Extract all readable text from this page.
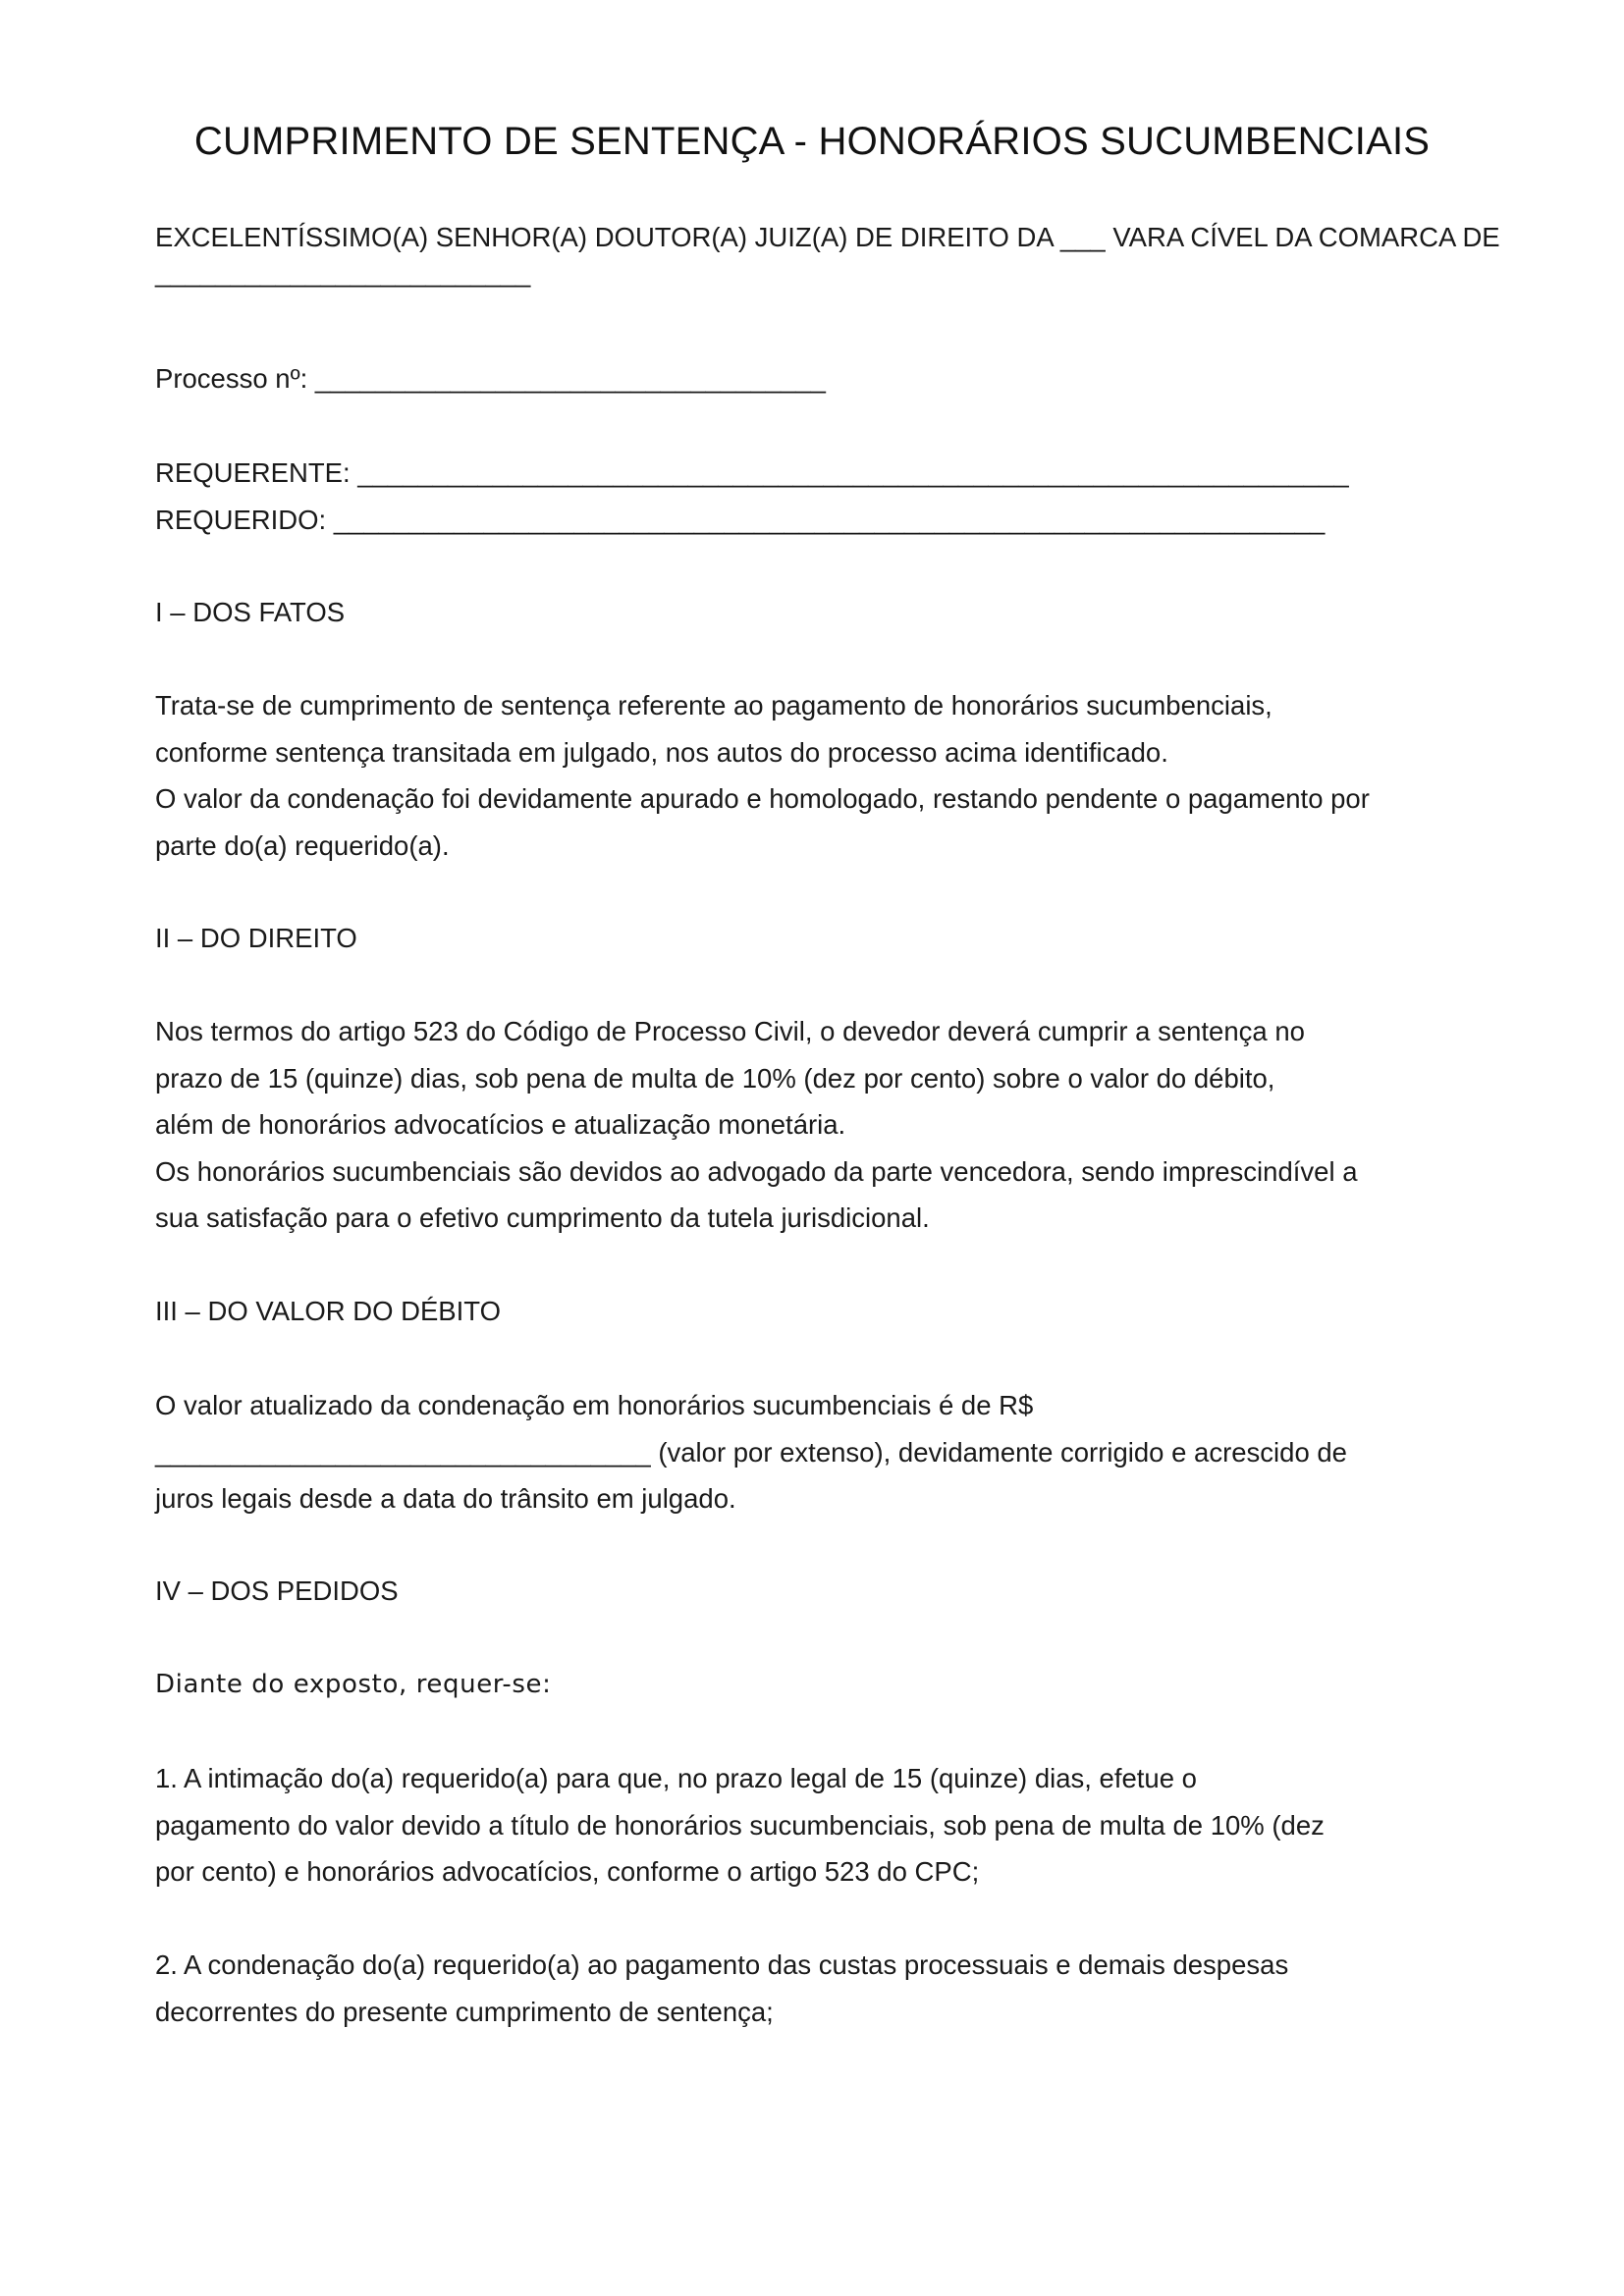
CUMPRIMENTO DE SENTENÇA - HONORÁRIOS SUCUMBENCIAIS
EXCELENTÍSSIMO(A) SENHOR(A) DOUTOR(A) JUIZ(A) DE DIREITO DA ___ VARA CÍVEL DA COMARCA DE
_________________________
Processo nº: __________________________________
REQUERENTE: __________________________________________________________________
REQUERIDO: __________________________________________________________________
I – DOS FATOS
Trata-se de cumprimento de sentença referente ao pagamento de honorários sucumbenciais,
conforme sentença transitada em julgado, nos autos do processo acima identificado.
O valor da condenação foi devidamente apurado e homologado, restando pendente o pagamento por
parte do(a) requerido(a).
II – DO DIREITO
Nos termos do artigo 523 do Código de Processo Civil, o devedor deverá cumprir a sentença no
prazo de 15 (quinze) dias, sob pena de multa de 10% (dez por cento) sobre o valor do débito,
além de honorários advocatícios e atualização monetária.
Os honorários sucumbenciais são devidos ao advogado da parte vencedora, sendo imprescindível a
sua satisfação para o efetivo cumprimento da tutela jurisdicional.
III – DO VALOR DO DÉBITO
O valor atualizado da condenação em honorários sucumbenciais é de R$
_________________________________ (valor por extenso), devidamente corrigido e acrescido de
juros legais desde a data do trânsito em julgado.
IV – DOS PEDIDOS
Diante do exposto, requer-se:
1. A intimação do(a) requerido(a) para que, no prazo legal de 15 (quinze) dias, efetue o
pagamento do valor devido a título de honorários sucumbenciais, sob pena de multa de 10% (dez
por cento) e honorários advocatícios, conforme o artigo 523 do CPC;
2. A condenação do(a) requerido(a) ao pagamento das custas processuais e demais despesas
decorrentes do presente cumprimento de sentença;
